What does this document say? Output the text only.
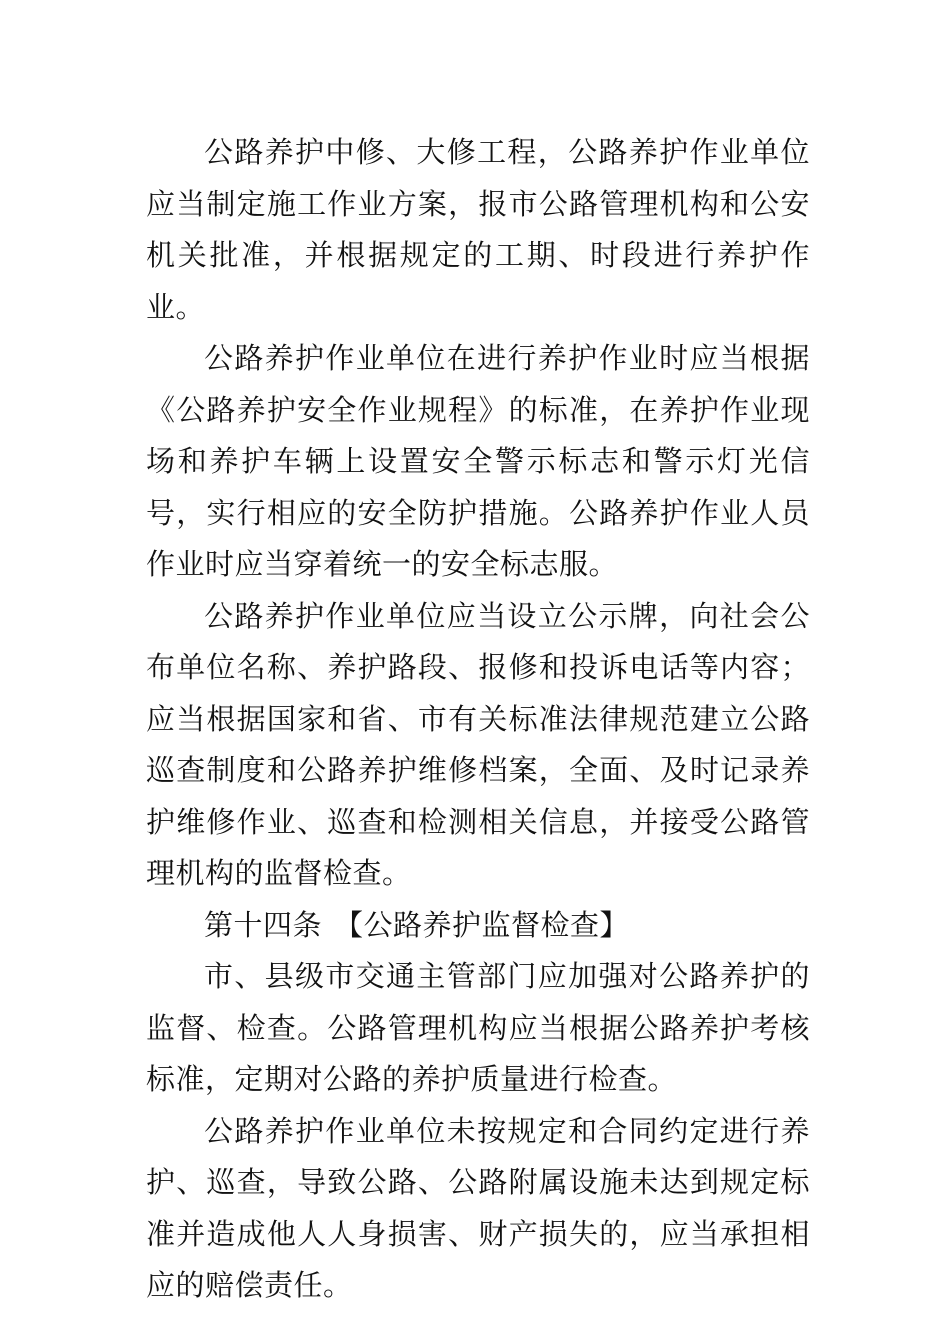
公路养护中修、大修工程，公路养护作业单位应当制定施工作业方案，报市公路管理机构和公安机关批准，并根据规定的工期、时段进行养护作业。

公路养护作业单位在进行养护作业时应当根据《公路养护安全作业规程》的标准，在养护作业现场和养护车辆上设置安全警示标志和警示灯光信号，实行相应的安全防护措施。公路养护作业人员作业时应当穿着统一的安全标志服。

公路养护作业单位应当设立公示牌，向社会公布单位名称、养护路段、报修和投诉电话等内容；应当根据国家和省、市有关标准法律规范建立公路巡查制度和公路养护维修档案，全面、及时记录养护维修作业、巡查和检测相关信息，并接受公路管理机构的监督检查。

第十四条 【公路养护监督检查】

市、县级市交通主管部门应加强对公路养护的监督、检查。公路管理机构应当根据公路养护考核标准，定期对公路的养护质量进行检查。

公路养护作业单位未按规定和合同约定进行养护、巡查，导致公路、公路附属设施未达到规定标准并造成他人人身损害、财产损失的，应当承担相应的赔偿责任。
